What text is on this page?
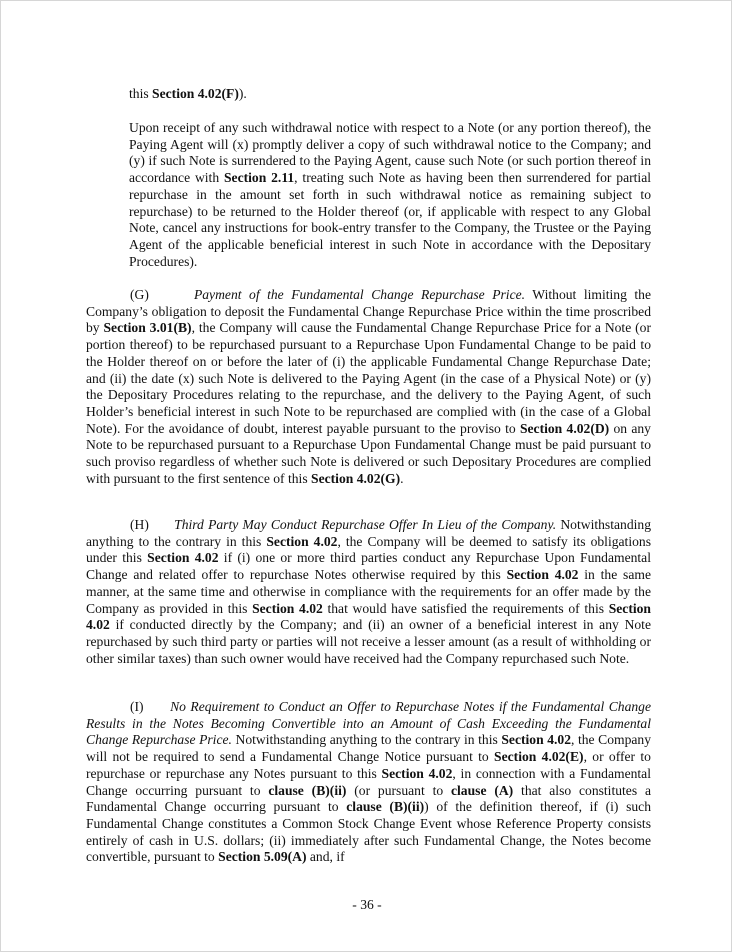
this Section 4.02(F)).

Upon receipt of any such withdrawal notice with respect to a Note (or any portion thereof), the Paying Agent will (x) promptly deliver a copy of such withdrawal notice to the Company; and (y) if such Note is surrendered to the Paying Agent, cause such Note (or such portion thereof in accordance with Section 2.11, treating such Note as having been then surrendered for partial repurchase in the amount set forth in such withdrawal notice as remaining subject to repurchase) to be returned to the Holder thereof (or, if applicable with respect to any Global Note, cancel any instructions for book-entry transfer to the Company, the Trustee or the Paying Agent of the applicable beneficial interest in such Note in accordance with the Depositary Procedures).

(G)	Payment of the Fundamental Change Repurchase Price. Without limiting the Company’s obligation to deposit the Fundamental Change Repurchase Price within the time proscribed by Section 3.01(B), the Company will cause the Fundamental Change Repurchase Price for a Note (or portion thereof) to be repurchased pursuant to a Repurchase Upon Fundamental Change to be paid to the Holder thereof on or before the later of (i) the applicable Fundamental Change Repurchase Date; and (ii) the date (x) such Note is delivered to the Paying Agent (in the case of a Physical Note) or (y) the Depositary Procedures relating to the repurchase, and the delivery to the Paying Agent, of such Holder’s beneficial interest in such Note to be repurchased are complied with (in the case of a Global Note). For the avoidance of doubt, interest payable pursuant to the proviso to Section 4.02(D) on any Note to be repurchased pursuant to a Repurchase Upon Fundamental Change must be paid pursuant to such proviso regardless of whether such Note is delivered or such Depositary Procedures are complied with pursuant to the first sentence of this Section 4.02(G).

(H) Third Party May Conduct Repurchase Offer In Lieu of the Company. Notwithstanding anything to the contrary in this Section 4.02, the Company will be deemed to satisfy its obligations under this Section 4.02 if (i) one or more third parties conduct any Repurchase Upon Fundamental Change and related offer to repurchase Notes otherwise required by this Section 4.02 in the same manner, at the same time and otherwise in compliance with the requirements for an offer made by the Company as provided in this Section 4.02 that would have satisfied the requirements of this Section 4.02 if conducted directly by the Company; and (ii) an owner of a beneficial interest in any Note repurchased by such third party or parties will not receive a lesser amount (as a result of withholding or other similar taxes) than such owner would have received had the Company repurchased such Note.

(I) No Requirement to Conduct an Offer to Repurchase Notes if the Fundamental Change Results in the Notes Becoming Convertible into an Amount of Cash Exceeding the Fundamental Change Repurchase Price. Notwithstanding anything to the contrary in this Section 4.02, the Company will not be required to send a Fundamental Change Notice pursuant to Section 4.02(E), or offer to repurchase or repurchase any Notes pursuant to this Section 4.02, in connection with a Fundamental Change occurring pursuant to clause (B)(ii) (or pursuant to clause (A) that also constitutes a Fundamental Change occurring pursuant to clause (B)(ii)) of the definition thereof, if (i) such Fundamental Change constitutes a Common Stock Change Event whose Reference Property consists entirely of cash in U.S. dollars; (ii) immediately after such Fundamental Change, the Notes become convertible, pursuant to Section 5.09(A) and, if

- 36 -
